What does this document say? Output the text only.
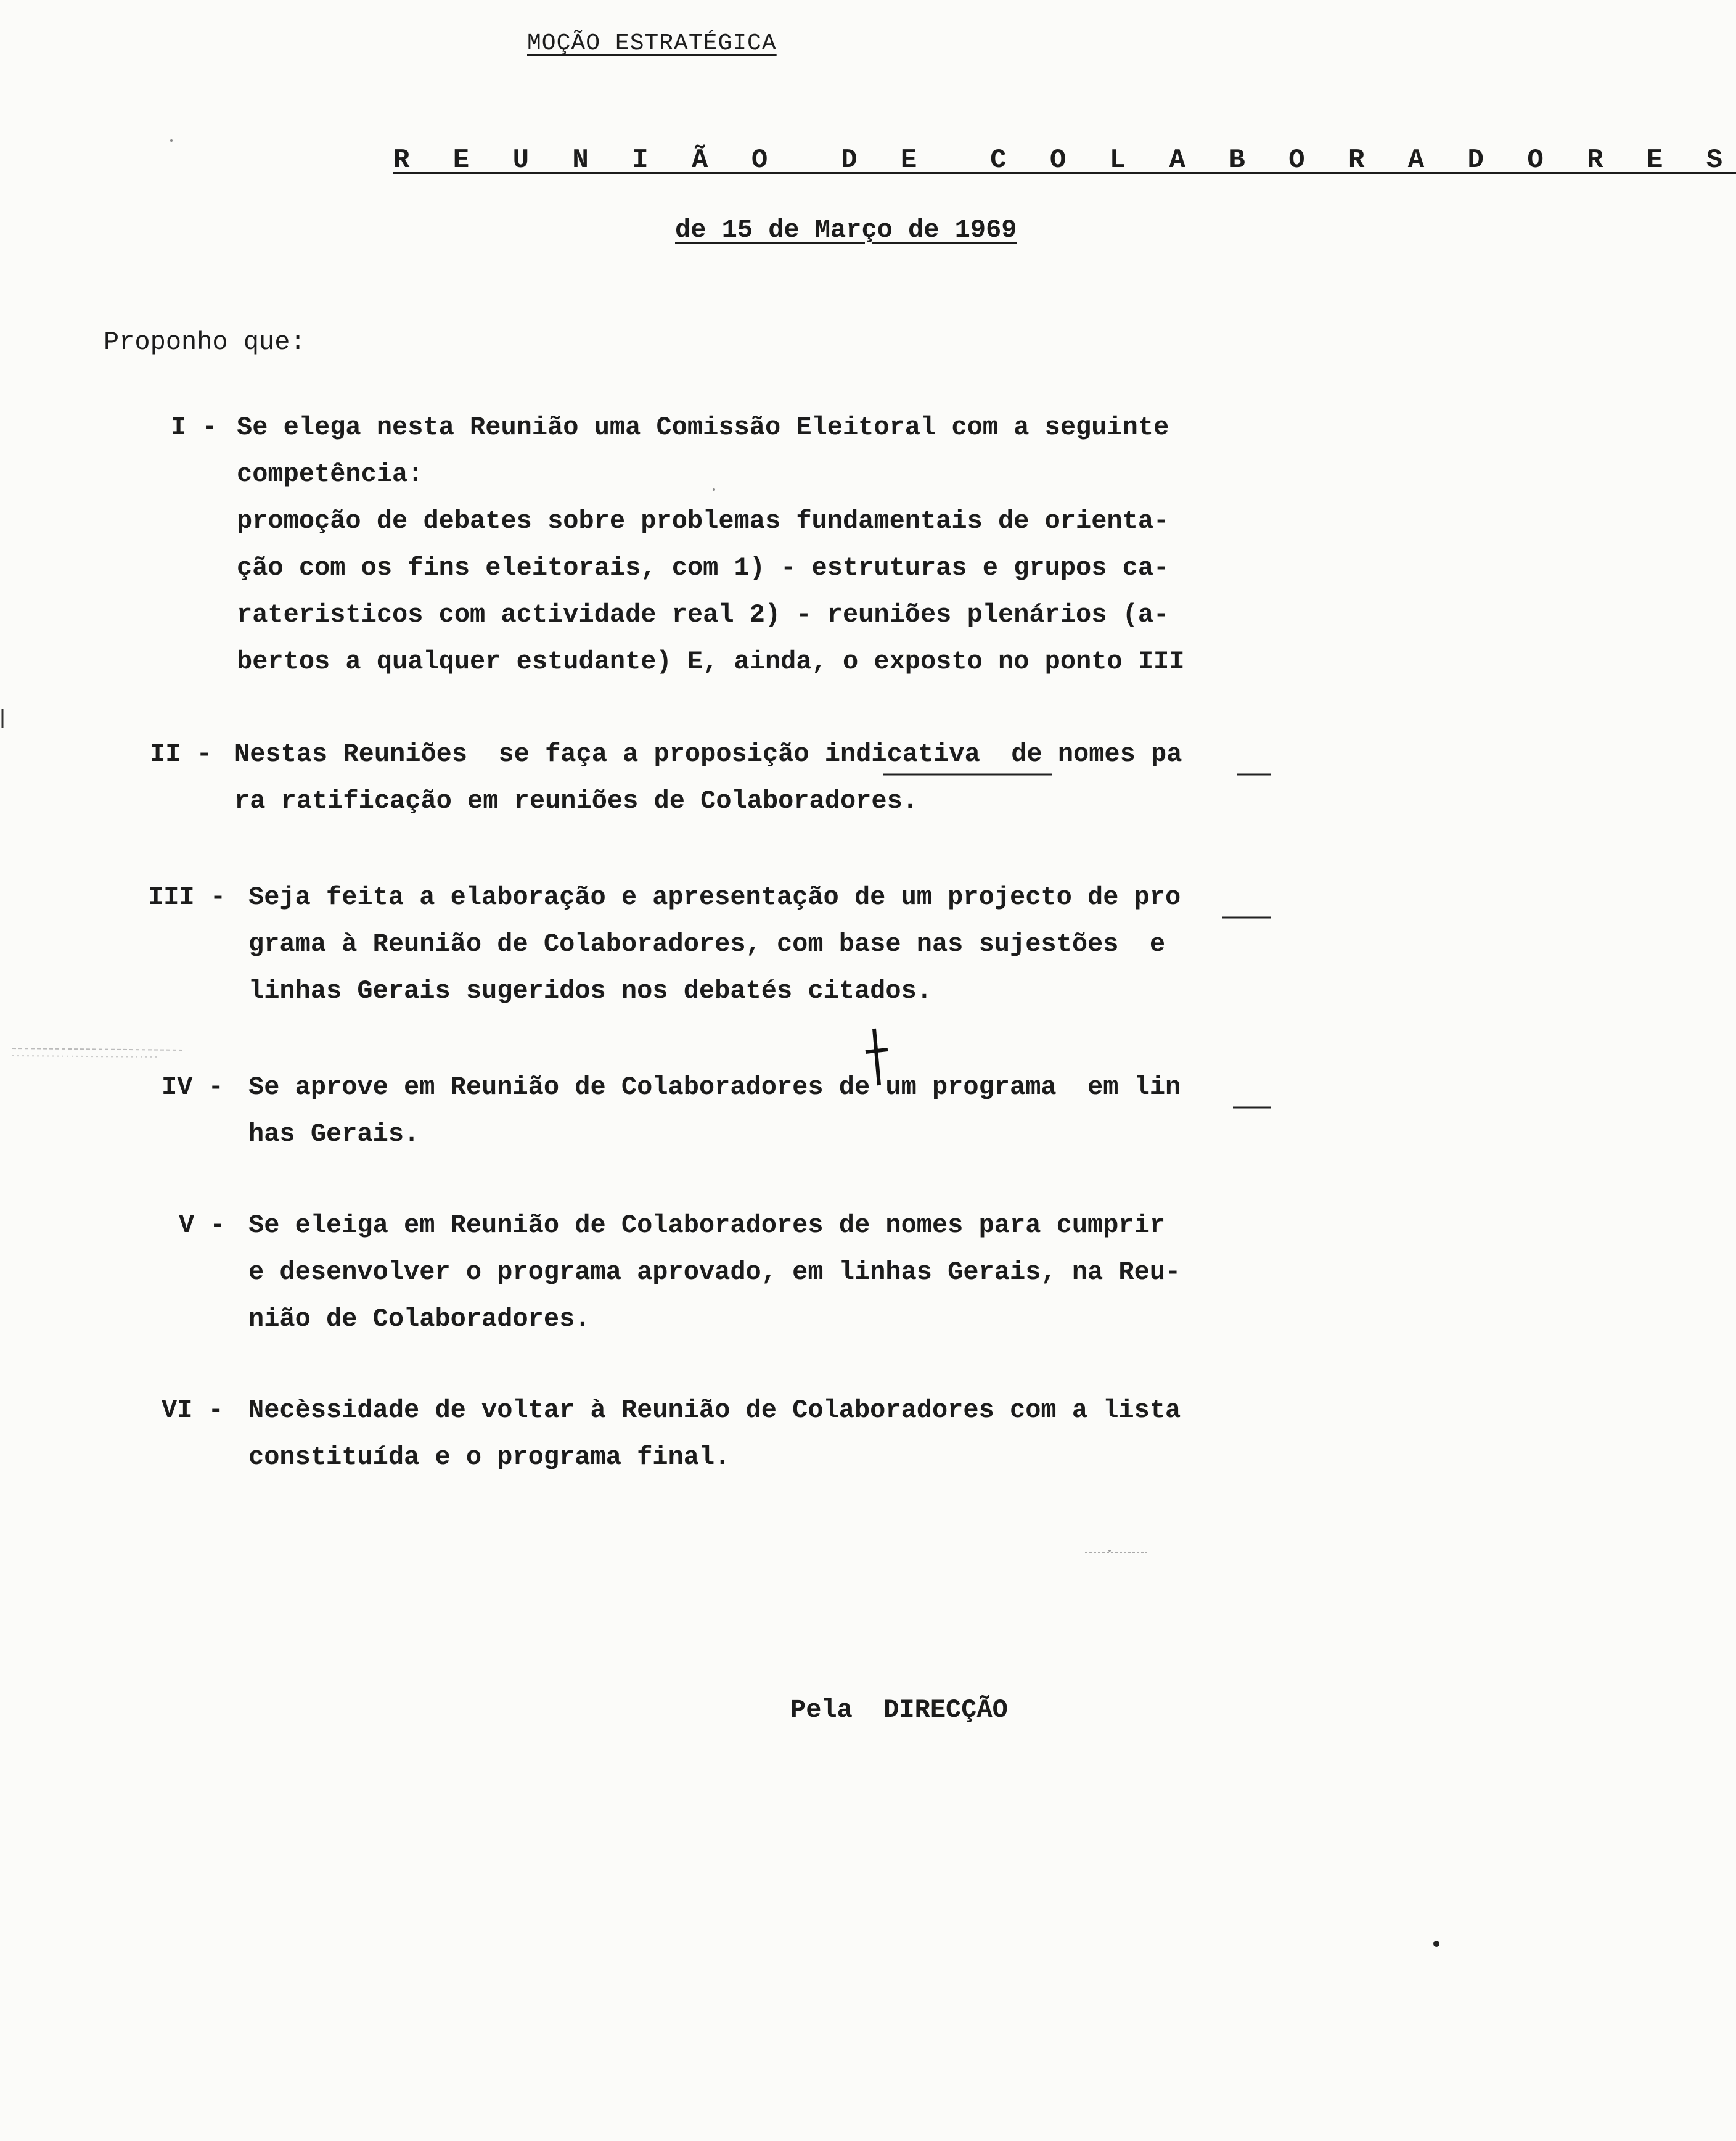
MOÇÃO ESTRATÉGICA
R E U N I Ã O  D E  C O L A B O R A D O R E S
de 15 de Março de 1969
Proponho que:
I - Se elega nesta Reunião uma Comissão Eleitoral com a seguinte
competência:
promoção de debates sobre problemas fundamentais de orienta-
ção com os fins eleitorais, com 1) - estruturas e grupos ca-
rateristicos com actividade real 2) - reuniões plenários (a-
bertos a qualquer estudante) E, ainda, o exposto no ponto III
II - Nestas Reuniões  se faça a proposição indicativa  de nomes pa
ra ratificação em reuniões de Colaboradores.
III - Seja feita a elaboração e apresentação de um projecto de pro
grama à Reunião de Colaboradores, com base nas sujestões  e
linhas Gerais sugeridos nos debatés citados.
IV - Se aprove em Reunião de Colaboradores de um programa  em lin
has Gerais.
V - Se eleiga em Reunião de Colaboradores de nomes para cumprir
e desenvolver o programa aprovado, em linhas Gerais, na Reu-
nião de Colaboradores.
VI - Necèssidade de voltar à Reunião de Colaboradores com a lista
constituída e o programa final.
Pela  DIRECÇÃO
